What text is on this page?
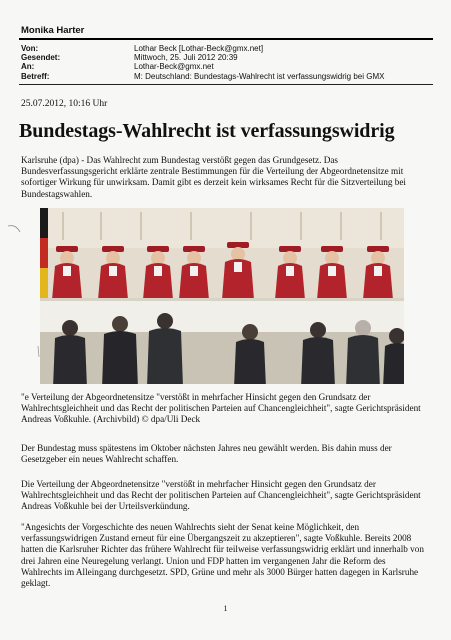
Monika Harter
Von:	Lothar Beck [Lothar-Beck@gmx.net]
Gesendet:	Mittwoch, 25. Juli 2012 20:39
An:	Lothar-Beck@gmx.net
Betreff:	M: Deutschland: Bundestags-Wahlrecht ist verfassungswidrig bei GMX
25.07.2012, 10:16 Uhr
Bundestags-Wahlrecht ist verfassungswidrig
Karlsruhe (dpa) - Das Wahlrecht zum Bundestag verstößt gegen das Grundgesetz. Das Bundesverfassungsgericht erklärte zentrale Bestimmungen für die Verteilung der Abgeordnetensitze mit sofortiger Wirkung für unwirksam. Damit gibt es derzeit kein wirksames Recht für die Sitzverteilung bei Bundestagswahlen.
"e Verteilung der Abgeordnetensitze "verstößt in mehrfacher Hinsicht gegen den Grundsatz der Wahlrechtsgleichheit und das Recht der politischen Parteien auf Chancengleichheit", sagte Gerichtspräsident Andreas Voßkuhle. (Archivbild) © dpa/Uli Deck
Der Bundestag muss spätestens im Oktober nächsten Jahres neu gewählt werden. Bis dahin muss der Gesetzgeber ein neues Wahlrecht schaffen.
Die Verteilung der Abgeordnetensitze "verstößt in mehrfacher Hinsicht gegen den Grundsatz der Wahlrechtsgleichheit und das Recht der politischen Parteien auf Chancengleichheit", sagte Gerichtspräsident Andreas Voßkuhle bei der Urteilsverkündung.
"Angesichts der Vorgeschichte des neuen Wahlrechts sieht der Senat keine Möglichkeit, den verfassungswidrigen Zustand erneut für eine Übergangszeit zu akzeptieren", sagte Voßkuhle. Bereits 2008 hatten die Karlsruher Richter das frühere Wahlrecht für teilweise verfassungswidrig erklärt und innerhalb von drei Jahren eine Neuregelung verlangt. Union und FDP hatten im vergangenen Jahr die Reform des Wahlrechts im Alleingang durchgesetzt. SPD, Grüne und mehr als 3000 Bürger hatten dagegen in Karlsruhe geklagt.
1
